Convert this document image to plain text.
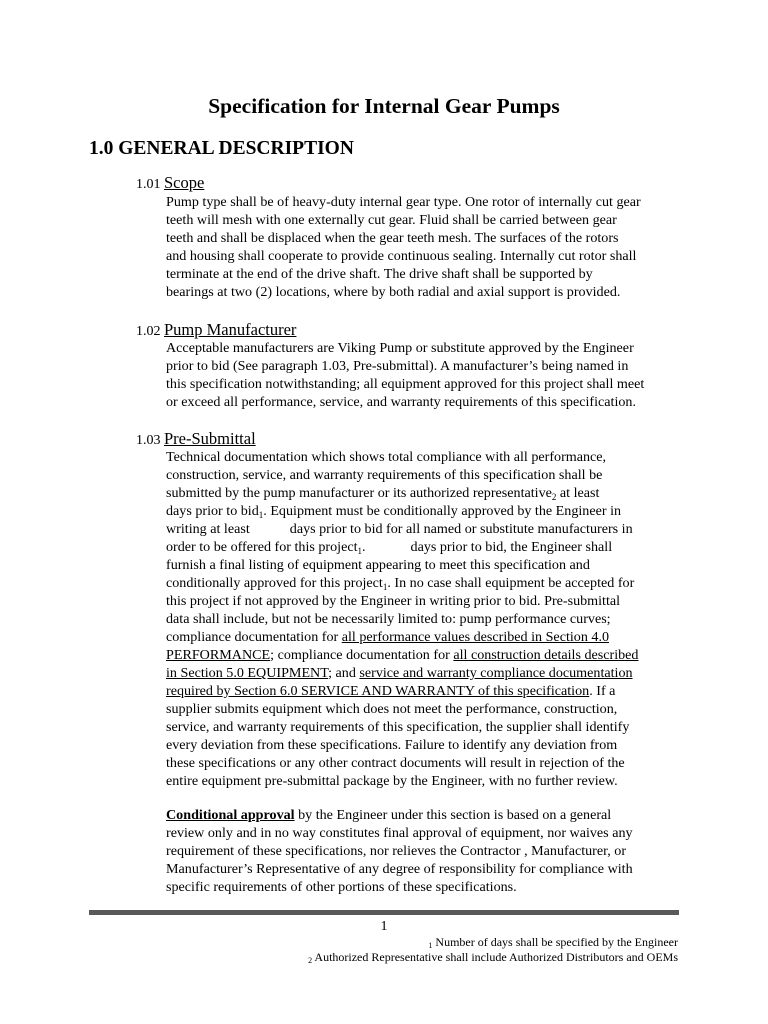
Specification for Internal Gear Pumps
1.0 GENERAL DESCRIPTION
1.01 Scope
Pump type shall be of heavy-duty internal gear type. One rotor of internally cut gear
teeth will mesh with one externally cut gear. Fluid shall be carried between gear
teeth and shall be displaced when the gear teeth mesh. The surfaces of the rotors
and housing shall cooperate to provide continuous sealing. Internally cut rotor shall
terminate at the end of the drive shaft. The drive shaft shall be supported by
bearings at two (2) locations, where by both radial and axial support is provided.
1.02 Pump Manufacturer
Acceptable manufacturers are Viking Pump or substitute approved by the Engineer
prior to bid (See paragraph 1.03, Pre-submittal). A manufacturer’s being named in
this specification notwithstanding; all equipment approved for this project shall meet
or exceed all performance, service, and warranty requirements of this specification.
1.03 Pre-Submittal
Technical documentation which shows total compliance with all performance,
construction, service, and warranty requirements of this specification shall be
submitted by the pump manufacturer or its authorized representative$_2$ at least
days prior to bid$_1$. Equipment must be conditionally approved by the Engineer in
writing at least	days prior to bid for all named or substitute manufacturers in
order to be offered for this project$_1$.	days prior to bid, the Engineer shall
furnish a final listing of equipment appearing to meet this specification and
conditionally approved for this project$_1$. In no case shall equipment be accepted for
this project if not approved by the Engineer in writing prior to bid. Pre-submittal
data shall include, but not be necessarily limited to: pump performance curves;
compliance documentation for all performance values described in Section 4.0
PERFORMANCE; compliance documentation for all construction details described
in Section 5.0 EQUIPMENT; and service and warranty compliance documentation
required by Section 6.0 SERVICE AND WARRANTY of this specification. If a
supplier submits equipment which does not meet the performance, construction,
service, and warranty requirements of this specification, the supplier shall identify
every deviation from these specifications. Failure to identify any deviation from
these specifications or any other contract documents will result in rejection of the
entire equipment pre-submittal package by the Engineer, with no further review.
Conditional approval by the Engineer under this section is based on a general
review only and in no way constitutes final approval of equipment, nor waives any
requirement of these specifications, nor relieves the Contractor , Manufacturer, or
Manufacturer’s Representative of any degree of responsibility for compliance with
specific requirements of other portions of these specifications.
1
1 Number of days shall be specified by the Engineer
2 Authorized Representative shall include Authorized Distributors and OEMs
